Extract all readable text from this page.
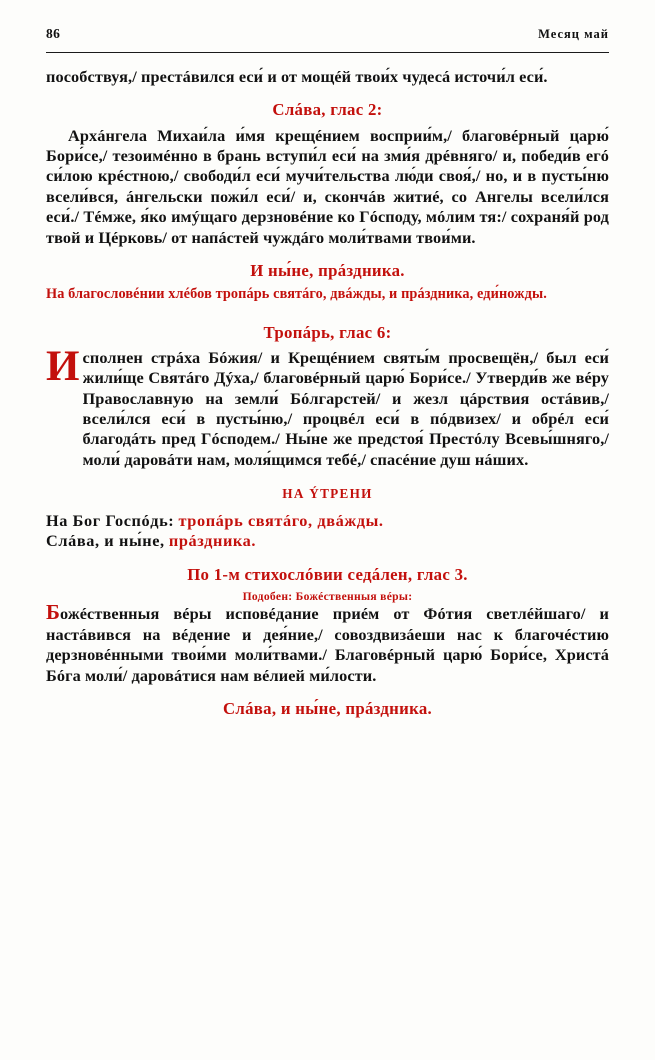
86	Месяц май

пособствуя,/ престáвился еси́ и от мощéй твои́х чудесá источи́л еси́.

Слáва, глас 2:

Архáнгела Михаи́ла и́мя крещéнием восприи́м,/ благовéрный царю́ Бори́се,/ тезоимéнно в брань вступи́л еси́ на зми́я дрéвняго/ и, победи́в егó си́лою крéстною,/ свободи́л еси́ мучи́тельства лю́ди своя́,/ но, и в пусты́ню всели́вся, áнгельски пожи́л еси́/ и, скончáв житиé, со Ангелы всели́лся еси́./ Тéмже, я́ко имýщаго дерзновéние ко Гóсподу, мóлим тя:/ сохраня́й род твой и Цéрковь/ от напáстей чуждáго моли́твами твои́ми.

И ны́не, прáздника.

На благословéнии хлéбов тропáрь святáго, двáжды, и прáздника, еди́ножды.

Тропáрь, глас 6:
И сполнен стрáха Бóжия/ и Крещéнием святы́м просвещён,/ был еси́ жили́ще Святáго Дýха,/ благовéрный царю́ Бори́се./ Утверди́в же вéру Православную на земли́ Бóлгарстей/ и жезл цáрствия остáвив,/ всели́лся еси́ в пусты́ню,/ процвéл еси́ в пóдвизех/ и обрéл еси́ благодáть пред Гóсподем./ Ны́не же предстоя́ Престóлу Всевы́шняго,/ моли́ даровáти нам, моля́щимся тебé,/ спасéние душ нáших.

НА ÝТРЕНИ

На Бог Госпóдь: тропáрь святáго, двáжды.
Слáва, и ны́не, прáздника.

По 1-м стихослóвии седáлен, глас 3.
Подобен: Божéственныя вéры:

Божéственныя вéры исповéдание приéм от Фóтия светлéйшаго/ и настáвився на вéдение и дея́ние,/ совоздвизáеши нас к благочéстию дерзновéнными твои́ми моли́твами./ Благовéрный царю́ Бори́се, Христá Бóга моли́/ даровáтися нам вéлией ми́лости.

Слáва, и ны́не, прáздника.
